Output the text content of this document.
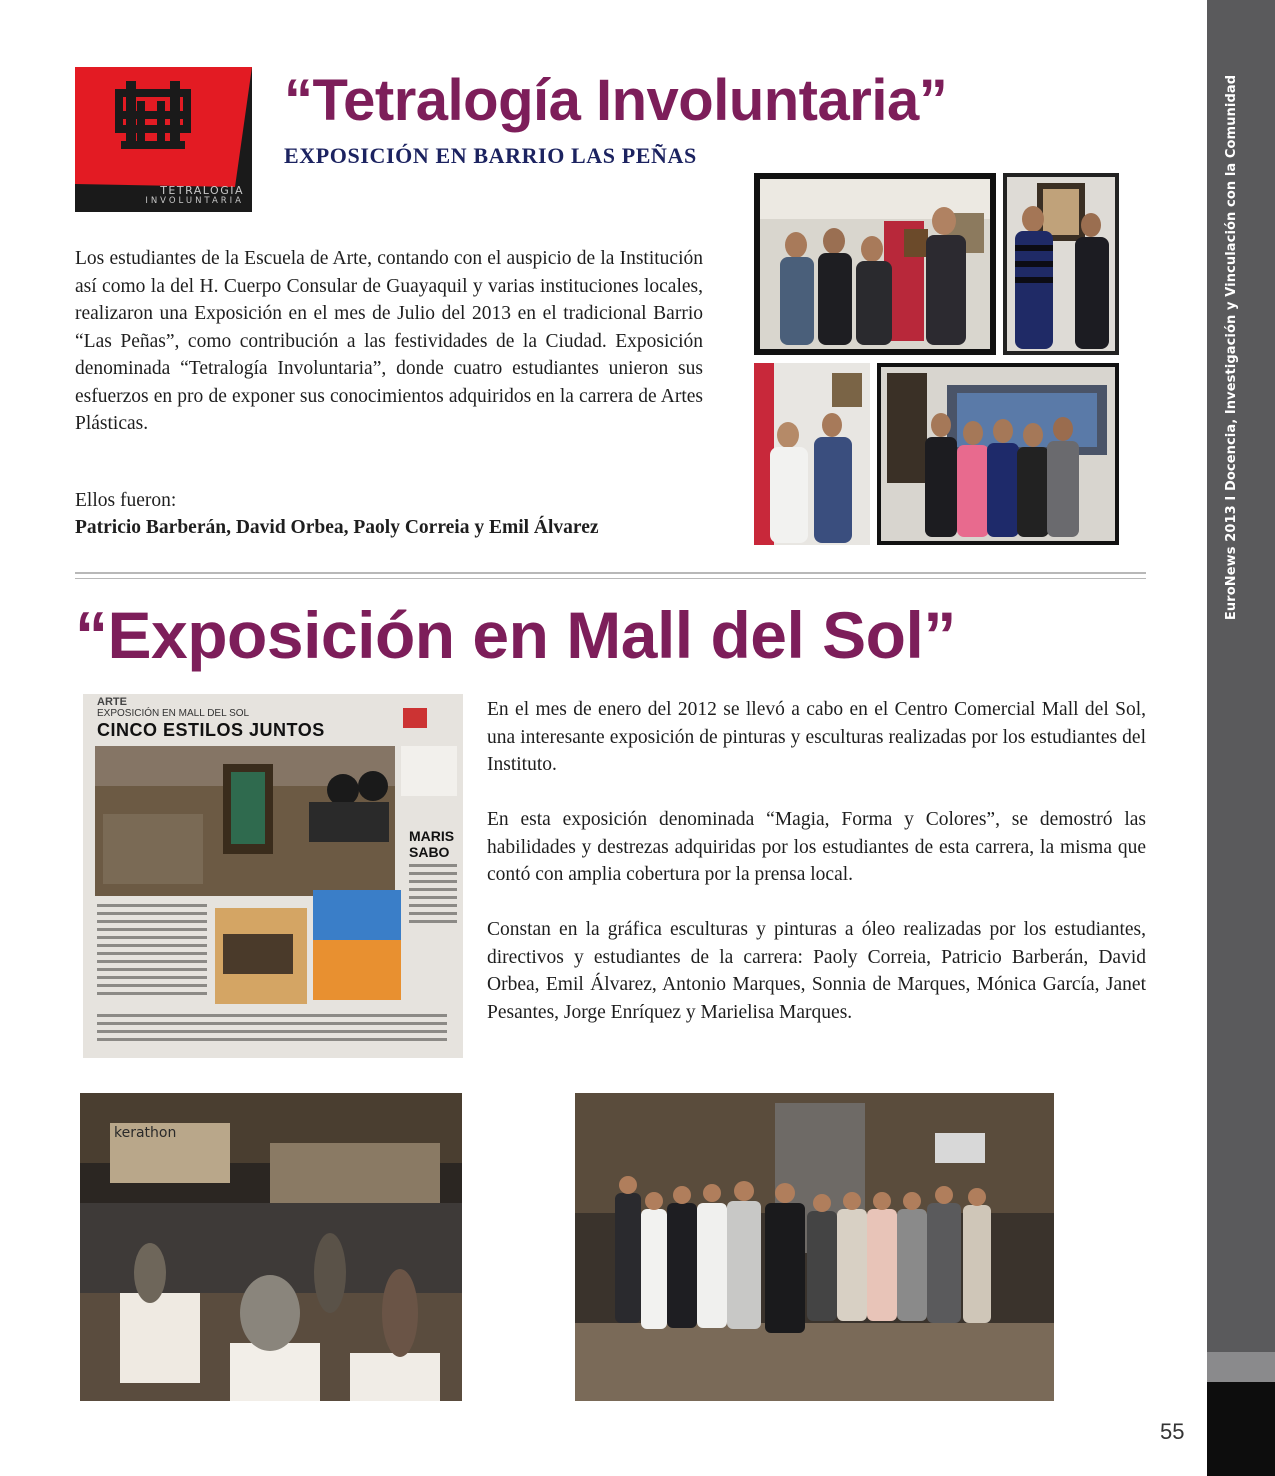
EuroNews 2013 I Docencia, Investigación y Vinculación con la Comunidad
TETRALOGIA
INVOLUNTARIA
“Tetralogía Involuntaria”
EXPOSICIÓN EN BARRIO LAS PEÑAS

Los estudiantes de la Escuela de Arte, contando con el auspicio de la Institución así como la del H. Cuerpo Consular de Guayaquil y varias instituciones locales, realizaron una Exposición en el mes de Julio del 2013 en el tradicional Barrio “Las Peñas”, como contribución a las festividades de la Ciudad. Exposición denominada “Tetralogía Involuntaria”, donde cuatro estudiantes unieron sus esfuerzos en pro de exponer sus conocimientos adquiridos en la carrera de Artes Plásticas.

Ellos fueron:
Patricio Barberán, David Orbea, Paoly Correia y Emil Álvarez
“Exposición en Mall del Sol”
ARTE
EXPOSICIÓN EN MALL DEL SOL
CINCO ESTILOS JUNTOS
MARIS
SABO

En el mes de enero del 2012 se llevó a cabo en el Centro Comercial Mall del Sol, una interesante exposición de pinturas y esculturas realizadas por los estudiantes del Instituto.

En esta exposición denominada “Magia, Forma y Colores”, se demostró las habilidades y destrezas adquiridas por los estudiantes de esta carrera, la misma que contó con amplia cobertura por la prensa local.

Constan en la gráfica esculturas y pinturas a óleo realizadas por los estudiantes, directivos y estudiantes de la carrera: Paoly Correia, Patricio Barberán, David Orbea, Emil Álvarez, Antonio Marques, Sonnia de Marques, Mónica García, Janet Pesantes, Jorge Enríquez y Marielisa Marques.

kerathon
55
